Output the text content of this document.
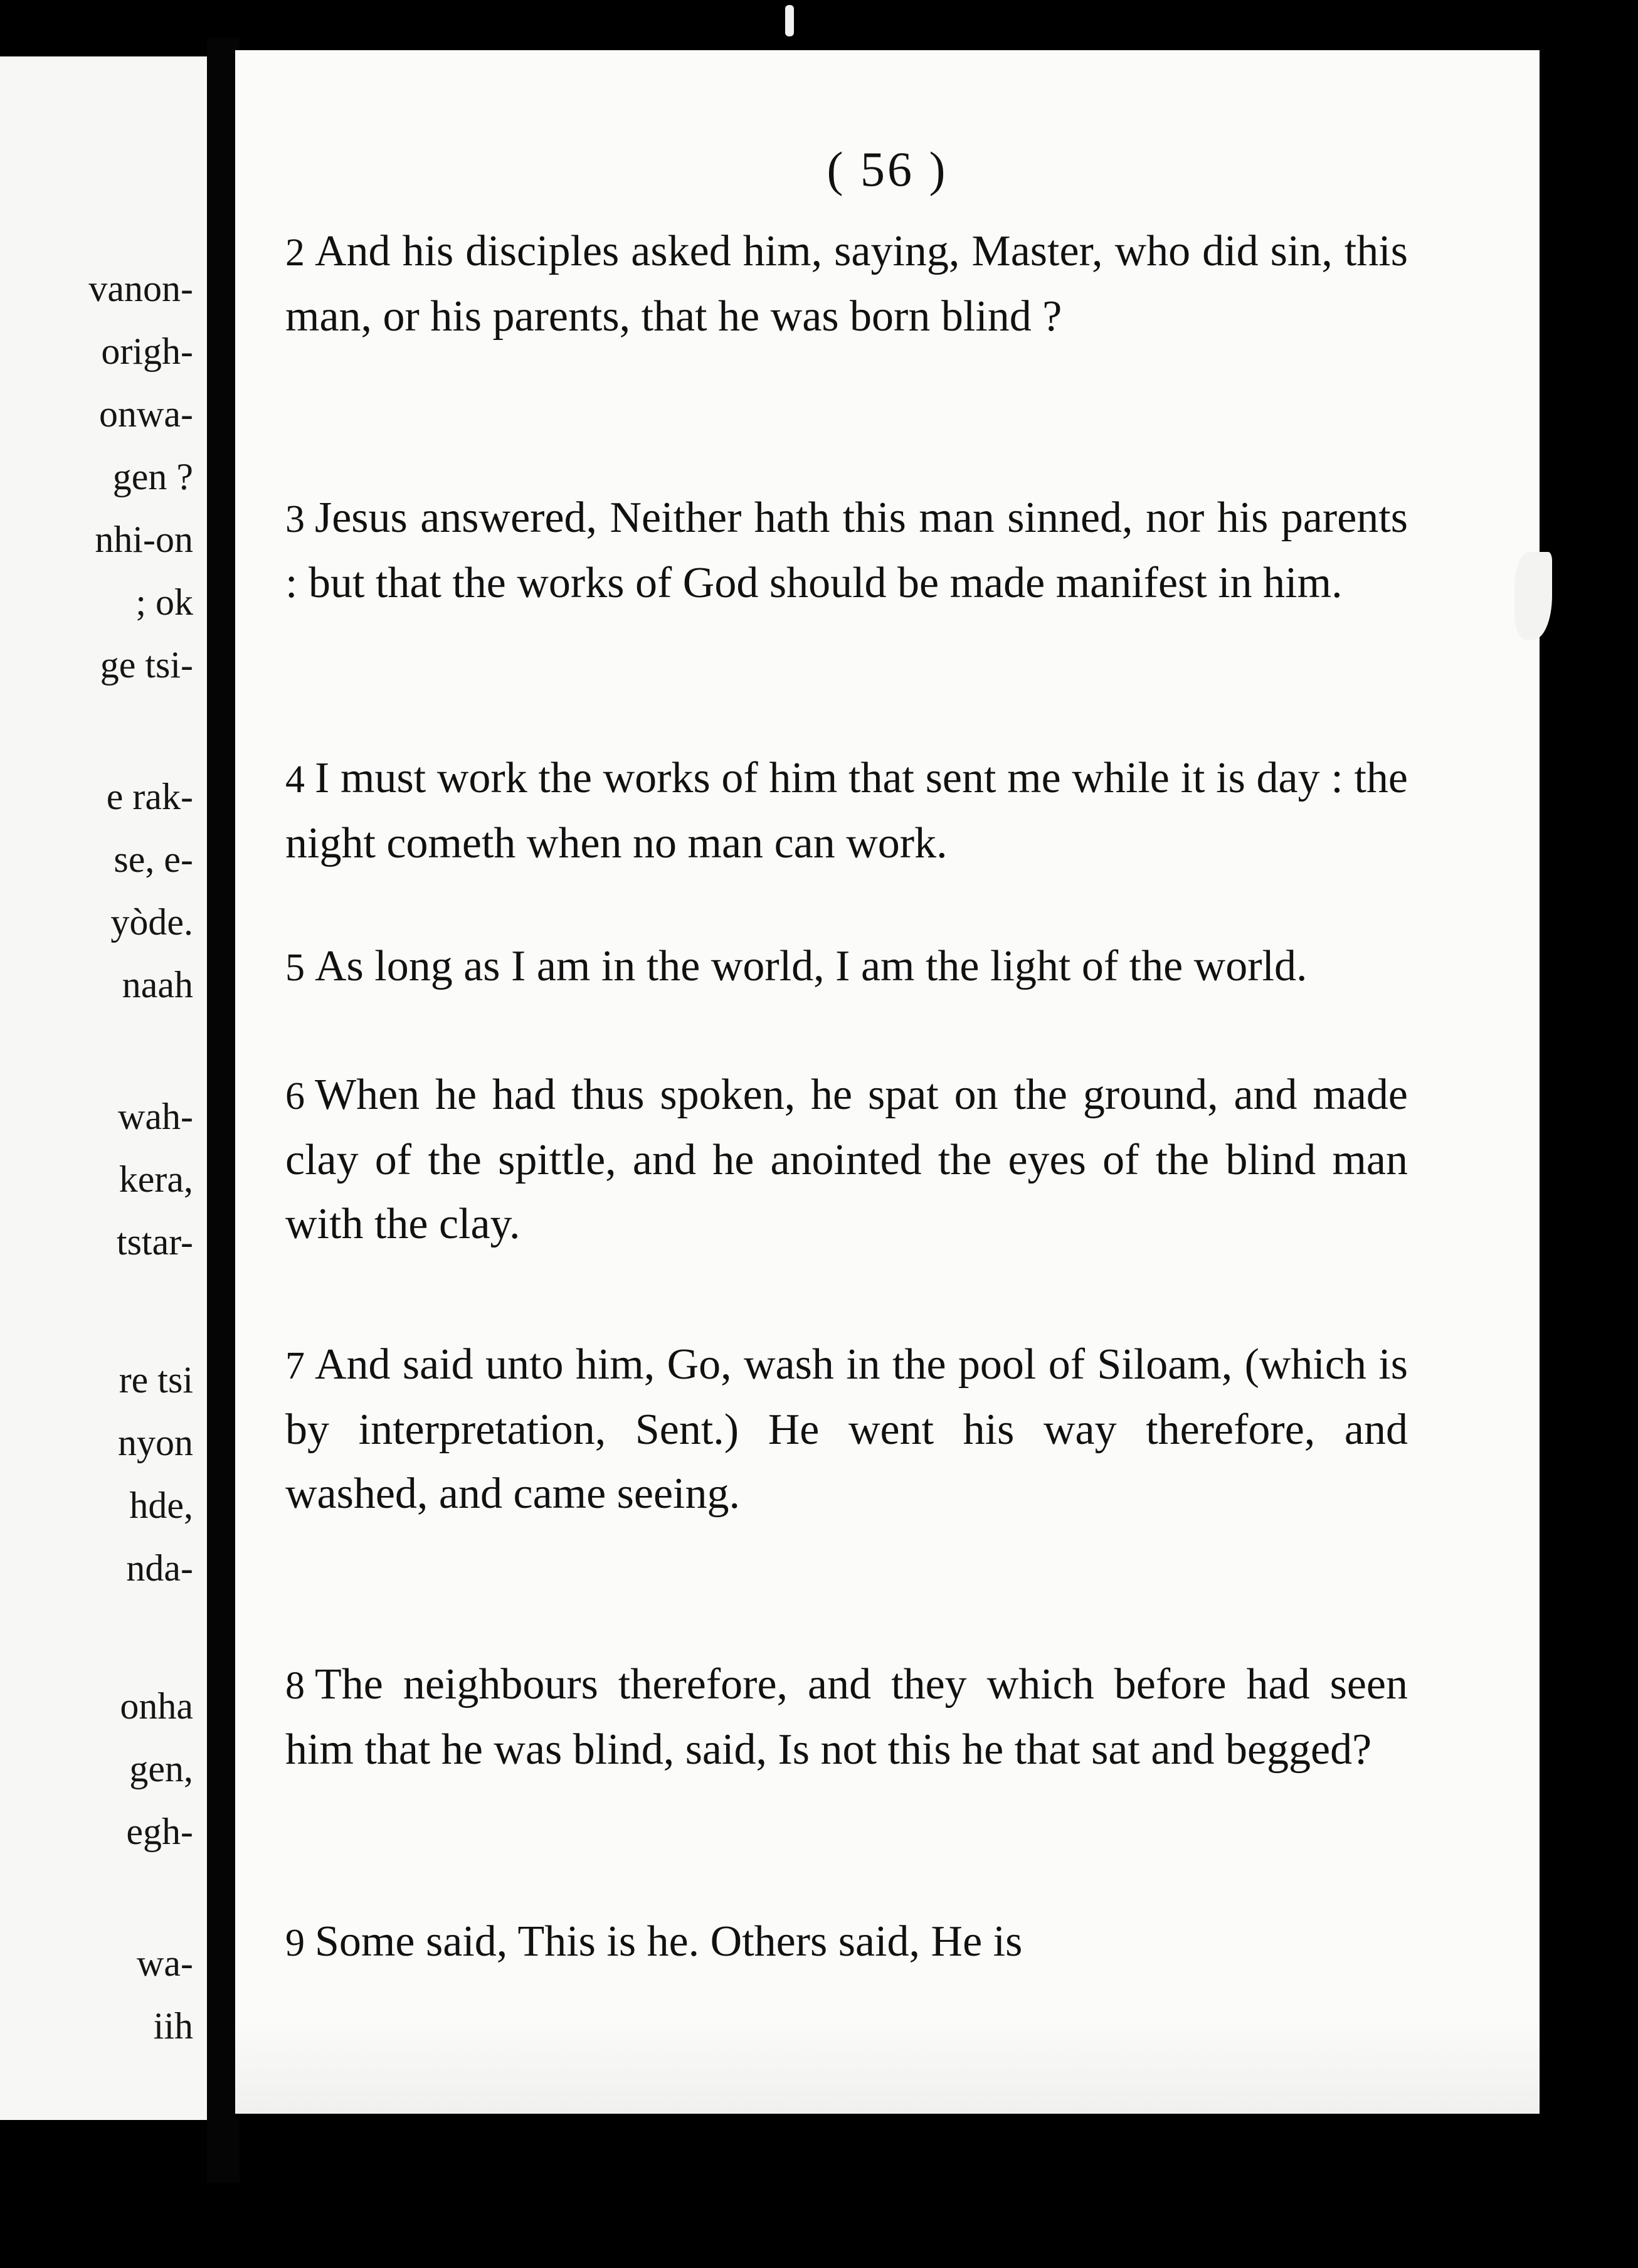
vanon-
origh-
onwa-
gen ?
nhi-on
; ok
ge tsi-
e rak-
se, e-
yòde.
naah
wah-
kera,
tstar-
re tsi
nyon
hde,
nda-
onha
gen,
egh-
wa-
iih
( 56 )

2 And his disciples asked him, saying, Master, who did sin, this man, or his parents, that he was born blind ?

3 Jesus answered, Neither hath this man sinned, nor his parents : but that the works of God should be made manifest in him.

4 I must work the works of him that sent me while it is day : the night cometh when no man can work.

5 As long as I am in the world, I am the light of the world.

6 When he had thus spoken, he spat on the ground, and made clay of the spittle, and he anointed the eyes of the blind man with the clay.

7 And said unto him, Go, wash in the pool of Siloam, (which is by interpretation, Sent.) He went his way therefore, and washed, and came seeing.

8 The neighbours therefore, and they which before had seen him that he was blind, said, Is not this he that sat and begged?

9 Some said, This is he. Others said, He is
